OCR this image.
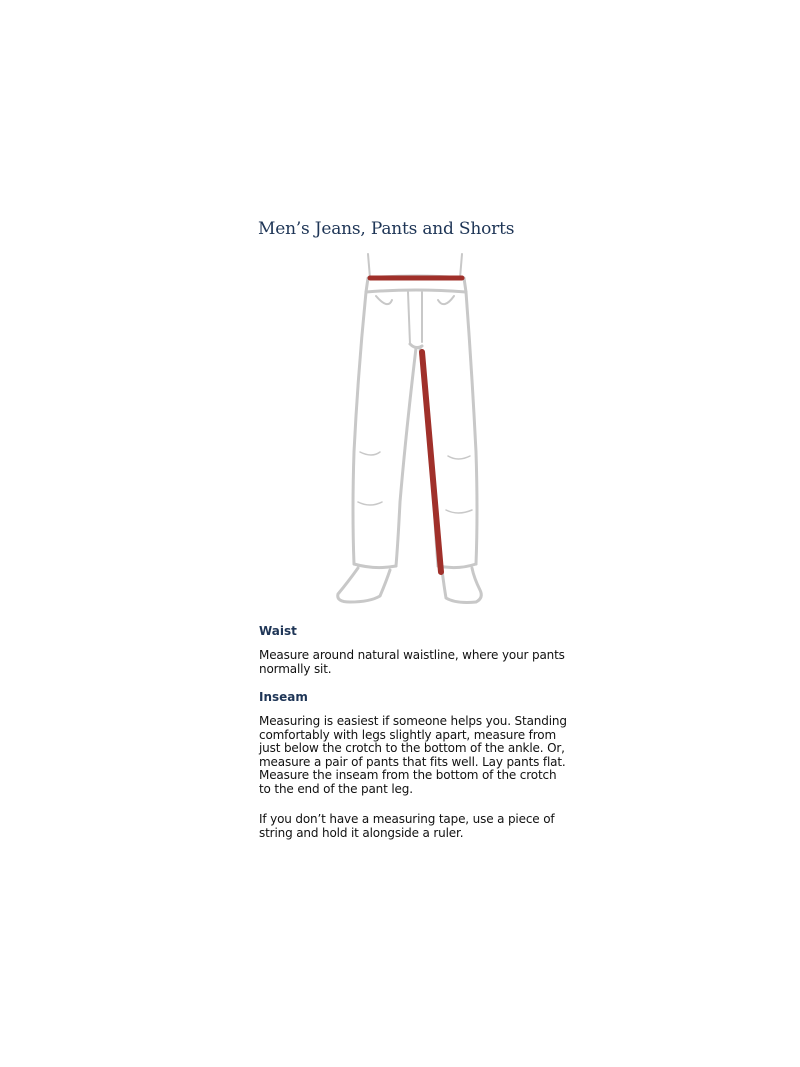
Men’s Jeans, Pants and Shorts
Waist

Measure around natural waistline, where your pants normally sit.

Inseam

Measuring is easiest if someone helps you. Standing comfortably with legs slightly apart, measure from just below the crotch to the bottom of the ankle. Or, measure a pair of pants that fits well. Lay pants flat. Measure the inseam from the bottom of the crotch to the end of the pant leg.

If you don’t have a measuring tape, use a piece of string and hold it alongside a ruler.
